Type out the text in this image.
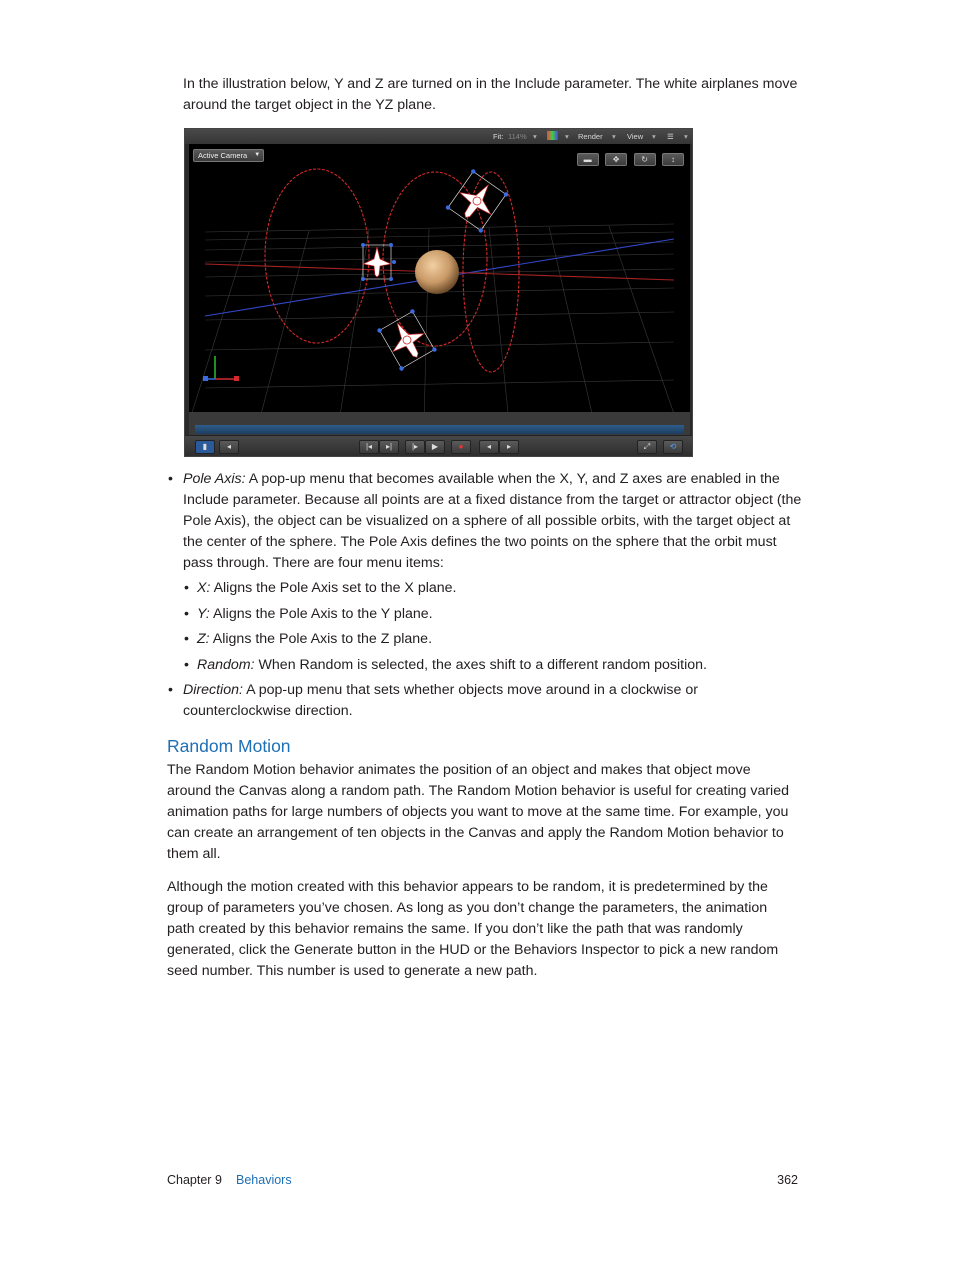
In the illustration below, Y and Z are turned on in the Include parameter. The white airplanes move around the target object in the YZ plane.
Fit: 114% ▾	▾ Render ▾ View ▾ ☰ ▾
Active Camera ▼	▬	✥	↻	↕
▮	◂	|◂	▸|	|▸	▶	●	◂	▸	⤢	⟲
• Pole Axis: A pop-up menu that becomes available when the X, Y, and Z axes are enabled in the Include parameter. Because all points are at a fixed distance from the target or attractor object (the Pole Axis), the object can be visualized on a sphere of all possible orbits, with the target object at the center of the sphere. The Pole Axis defines the two points on the sphere that the orbit must pass through. There are four menu items:
• X: Aligns the Pole Axis set to the X plane.
• Y: Aligns the Pole Axis to the Y plane.
• Z: Aligns the Pole Axis to the Z plane.
• Random: When Random is selected, the axes shift to a different random position.
• Direction: A pop-up menu that sets whether objects move around in a clockwise or counterclockwise direction.
Random Motion
The Random Motion behavior animates the position of an object and makes that object move around the Canvas along a random path. The Random Motion behavior is useful for creating varied animation paths for large numbers of objects you want to move at the same time. For example, you can create an arrangement of ten objects in the Canvas and apply the Random Motion behavior to them all.
Although the motion created with this behavior appears to be random, it is predetermined by the group of parameters you’ve chosen. As long as you don’t change the parameters, the animation path created by this behavior remains the same. If you don’t like the path that was randomly generated, click the Generate button in the HUD or the Behaviors Inspector to pick a new random seed number. This number is used to generate a new path.
Chapter 9 Behaviors	362
